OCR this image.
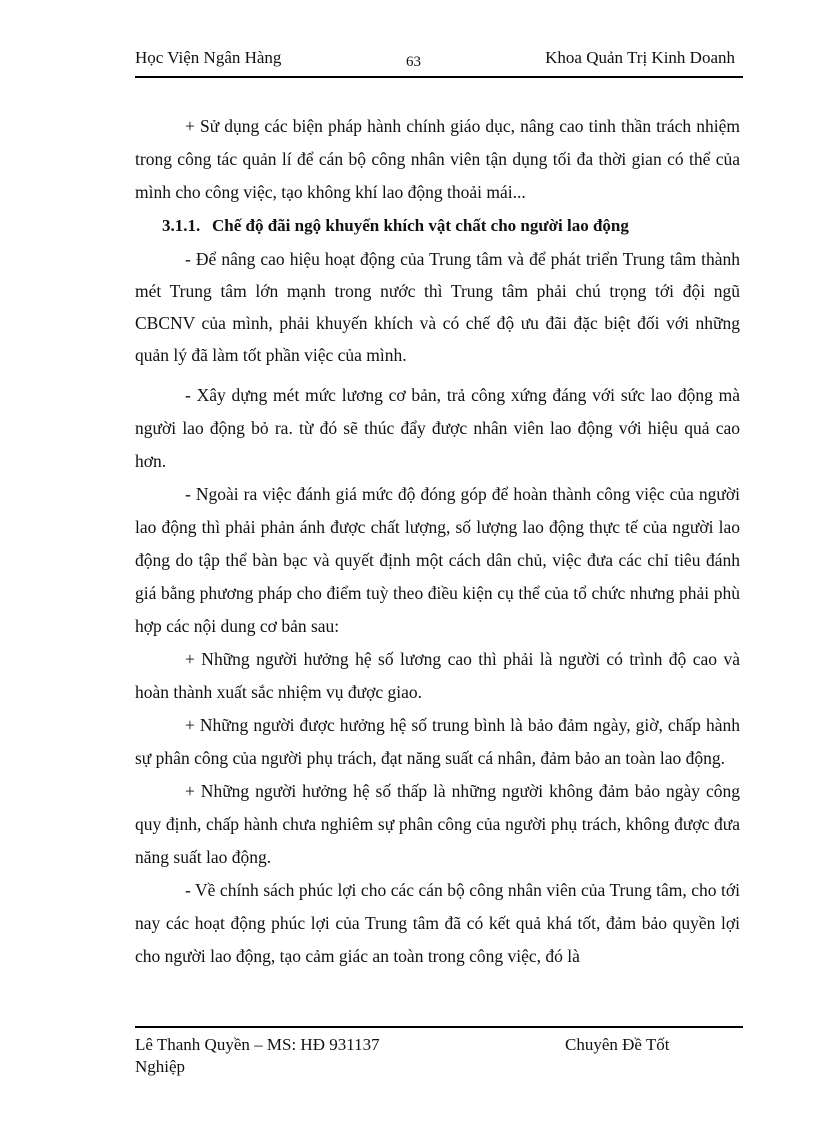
Học Viện Ngân Hàng	63	Khoa Quản Trị Kinh Doanh

+ Sử dụng các biện pháp hành chính giáo dục, nâng cao tinh thần trách nhiệm trong công tác quản lí để cán bộ công nhân viên tận dụng tối đa thời gian có thể của mình cho công việc, tạo không khí lao động thoải mái...

3.1.1. Chế độ đãi ngộ khuyến khích vật chất cho người lao động

- Để nâng cao hiệu hoạt động của Trung tâm và để phát triển Trung tâm thành mét Trung tâm lớn mạnh trong nước thì Trung tâm phải chú trọng tới đội ngũ CBCNV của mình, phải khuyến khích và có chế độ ưu đãi đặc biệt đối với những quản lý đã làm tốt phần việc của mình.

- Xây dựng mét mức lương cơ bản, trả công xứng đáng với sức lao động mà người lao động bỏ ra. từ đó sẽ thúc đẩy được nhân viên lao động với hiệu quả cao hơn.

- Ngoài ra việc đánh giá mức độ đóng góp để hoàn thành công việc của người lao động thì phải phản ánh được chất lượng, số lượng lao động thực tế của người lao động do tập thể bàn bạc và quyết định một cách dân chủ, việc đưa các chỉ tiêu đánh giá bằng phương pháp cho điểm tuỳ theo điều kiện cụ thể của tổ chức nhưng phải phù hợp các nội dung cơ bản sau:

+ Những người hưởng hệ số lương cao thì phải là người có trình độ cao và hoàn thành xuất sắc nhiệm vụ được giao.

+ Những người được hưởng hệ số trung bình là bảo đảm ngày, giờ, chấp hành sự phân công của người phụ trách, đạt năng suất cá nhân, đảm bảo an toàn lao động.

+ Những người hưởng hệ số thấp là những người không đảm bảo ngày công quy định, chấp hành chưa nghiêm sự phân công của người phụ trách, không được đưa năng suất lao động.

- Về chính sách phúc lợi cho các cán bộ công nhân viên của Trung tâm, cho tới nay các hoạt động phúc lợi của Trung tâm đã có kết quả khá tốt, đảm bảo quyền lợi cho người lao động, tạo cảm giác an toàn trong công việc, đó là

Lê Thanh Quyền – MS: HĐ 931137	Chuyên Đề Tốt
Nghiệp
